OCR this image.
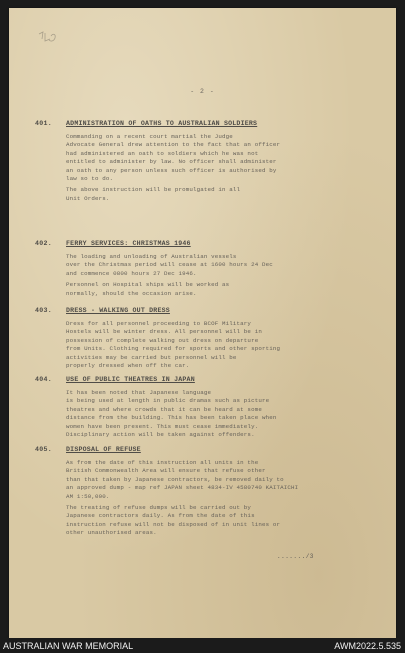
- 2 -
401. ADMINISTRATION OF OATHS TO AUSTRALIAN SOLDIERS
Commanding on a recent court martial the Judge
Advocate General drew attention to the fact that an officer
had administered an oath to soldiers which he was not
entitled to administer by law. No officer shall administer
an oath to any person unless such officer is authorised by
law so to do.
The above instruction will be promulgated in all
Unit Orders.
402. FERRY SERVICES: CHRISTMAS 1946
The loading and unloading of Australian vessels
over the Christmas period will cease at 1600 hours 24 Dec
and commence 0800 hours 27 Dec 1946.
Personnel on Hospital ships will be worked as
normally, should the occasion arise.
403. DRESS - WALKING OUT DRESS
Dress for all personnel proceeding to BCOF Military
Hostels will be winter dress. All personnel will be in
possession of complete walking out dress on departure
from Units. Clothing required for sports and other sporting
activities may be carried but personnel will be
properly dressed when off the car.
404. USE OF PUBLIC THEATRES IN JAPAN
It has been noted that Japanese language
is being used at length in public dramas such as picture
theatres and where crowds that it can be heard at some
distance from the building. This has been taken place when
women have been present. This must cease immediately.
Disciplinary action will be taken against offenders.
405. DISPOSAL OF REFUSE
As from the date of this instruction all units in the
British Commonwealth Area will ensure that refuse other
than that taken by Japanese contractors, be removed daily to
an approved dump - map ref JAPAN sheet 4834-IV 4580740 KAITAICHI
AM 1:50,000.
The treating of refuse dumps will be carried out by
Japanese contractors daily. As from the date of this
instruction refuse will not be disposed of in unit lines or
other unauthorised areas.
......./3
AUSTRALIAN WAR MEMORIAL	AWM2022.5.535
